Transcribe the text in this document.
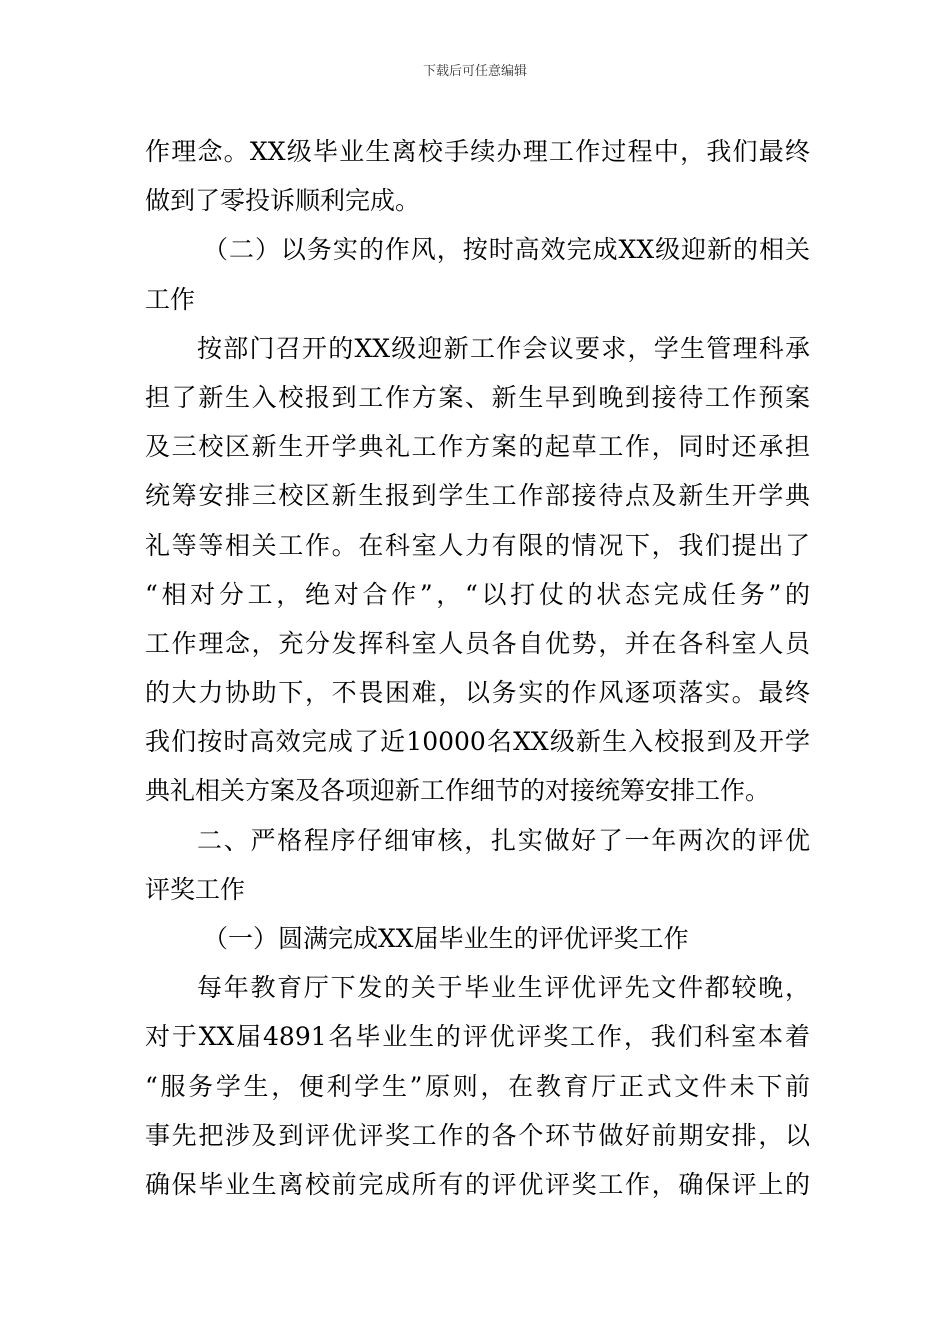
下载后可任意编辑
作理念。XX级毕业生离校手续办理工作过程中，我们最终
做到了零投诉顺利完成。
（二）以务实的作风，按时高效完成XX级迎新的相关
工作
按部门召开的XX级迎新工作会议要求，学生管理科承
担了新生入校报到工作方案、新生早到晚到接待工作预案
及三校区新生开学典礼工作方案的起草工作，同时还承担
统筹安排三校区新生报到学生工作部接待点及新生开学典
礼等等相关工作。在科室人力有限的情况下，我们提出了
“相对分工，绝对合作”，“以打仗的状态完成任务”的
工作理念，充分发挥科室人员各自优势，并在各科室人员
的大力协助下，不畏困难，以务实的作风逐项落实。最终
我们按时高效完成了近10000名XX级新生入校报到及开学
典礼相关方案及各项迎新工作细节的对接统筹安排工作。
二、严格程序仔细审核，扎实做好了一年两次的评优
评奖工作
（一）圆满完成XX届毕业生的评优评奖工作
每年教育厅下发的关于毕业生评优评先文件都较晚，
对于XX届4891名毕业生的评优评奖工作，我们科室本着
“服务学生，便利学生”原则，在教育厅正式文件未下前
事先把涉及到评优评奖工作的各个环节做好前期安排，以
确保毕业生离校前完成所有的评优评奖工作，确保评上的
